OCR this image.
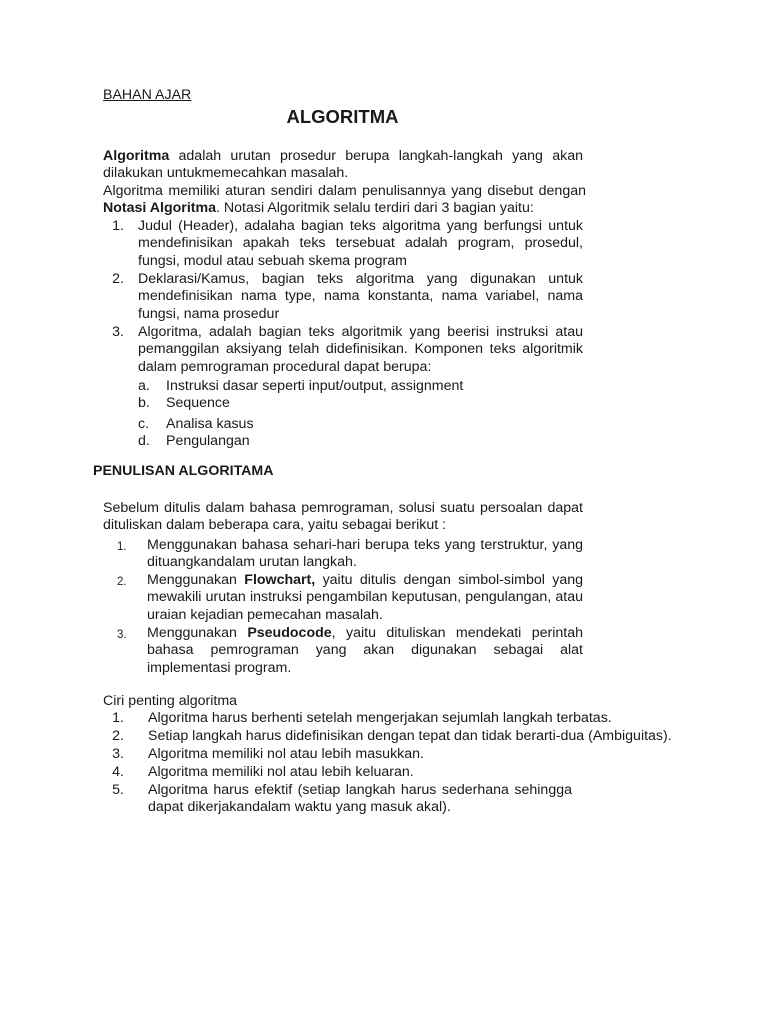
BAHAN AJAR
ALGORITMA
Algoritma adalah urutan prosedur berupa langkah-langkah yang akan
dilakukan untukmemecahkan masalah.
Algoritma memiliki aturan sendiri dalam penulisannya yang disebut dengan
Notasi Algoritma. Notasi Algoritmik selalu terdiri dari 3 bagian yaitu:
1. Judul (Header), adalaha bagian teks algoritma yang berfungsi untuk
mendefinisikan apakah teks tersebuat adalah program, prosedul,
fungsi, modul atau sebuah skema program
2. Deklarasi/Kamus, bagian teks algoritma yang digunakan untuk
mendefinisikan nama type, nama konstanta, nama variabel, nama
fungsi, nama prosedur
3. Algoritma, adalah bagian teks algoritmik yang beerisi instruksi atau
pemanggilan aksiyang telah didefinisikan. Komponen teks algoritmik
dalam pemrograman procedural dapat berupa:
a. Instruksi dasar seperti input/output, assignment
b. Sequence
c. Analisa kasus
d. Pengulangan
PENULISAN ALGORITAMA
Sebelum ditulis dalam bahasa pemrograman, solusi suatu persoalan dapat
dituliskan dalam beberapa cara, yaitu sebagai berikut :
1. Menggunakan bahasa sehari-hari berupa teks yang terstruktur, yang
dituangkandalam urutan langkah.
2. Menggunakan Flowchart, yaitu ditulis dengan simbol-simbol yang
mewakili urutan instruksi pengambilan keputusan, pengulangan, atau
uraian kejadian pemecahan masalah.
3. Menggunakan Pseudocode, yaitu dituliskan mendekati perintah
bahasa pemrograman yang akan digunakan sebagai alat
implementasi program.
Ciri penting algoritma
1. Algoritma harus berhenti setelah mengerjakan sejumlah langkah terbatas.
2. Setiap langkah harus didefinisikan dengan tepat dan tidak berarti-dua (Ambiguitas).
3. Algoritma memiliki nol atau lebih masukkan.
4. Algoritma memiliki nol atau lebih keluaran.
5. Algoritma harus efektif (setiap langkah harus sederhana sehingga
dapat dikerjakandalam waktu yang masuk akal).
